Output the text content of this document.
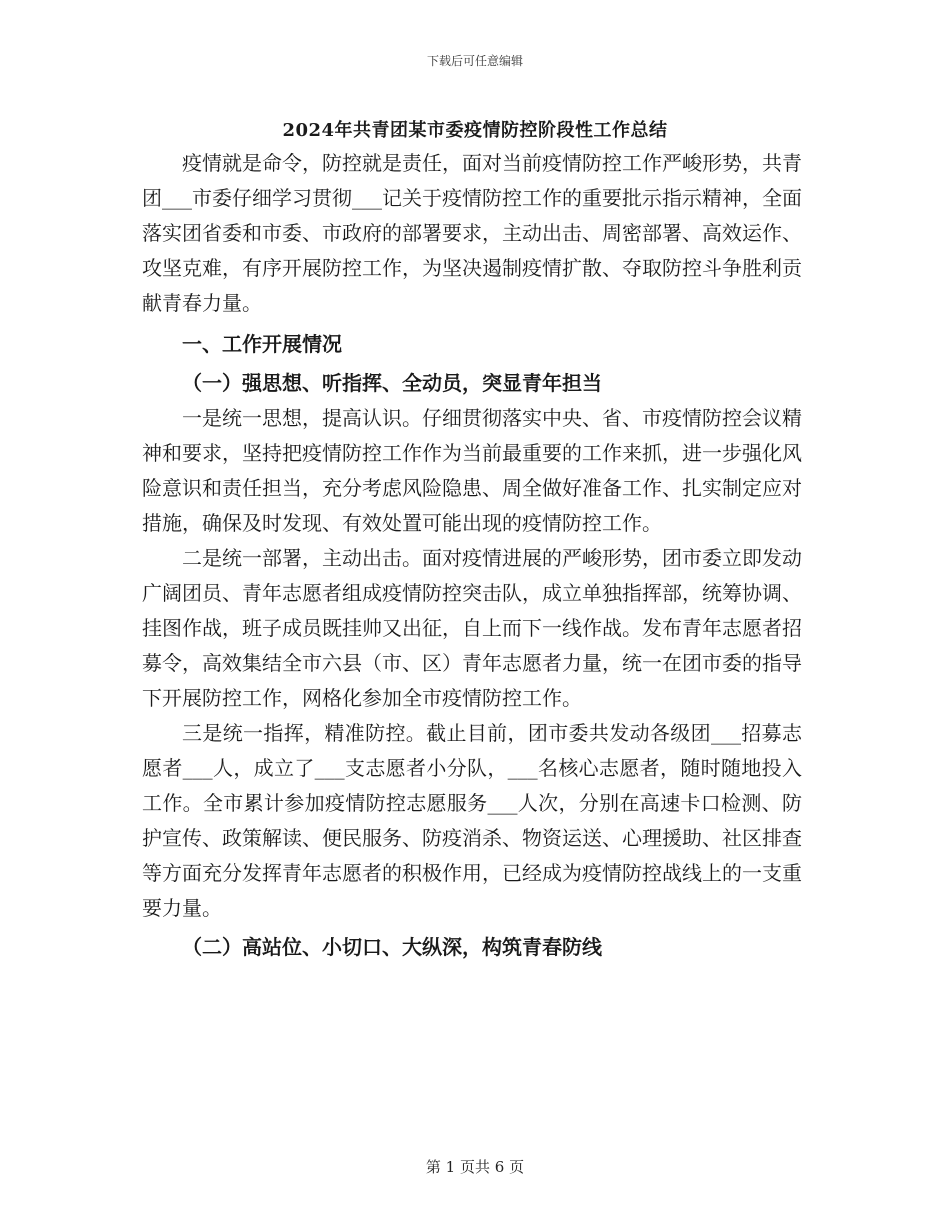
下载后可任意编辑
2024年共青团某市委疫情防控阶段性工作总结

疫情就是命令，防控就是责任，面对当前疫情防控工作严峻形势，共青团___市委仔细学习贯彻___记关于疫情防控工作的重要批示指示精神，全面落实团省委和市委、市政府的部署要求，主动出击、周密部署、高效运作、攻坚克难，有序开展防控工作，为坚决遏制疫情扩散、夺取防控斗争胜利贡献青春力量。

一、工作开展情况

（一）强思想、听指挥、全动员，突显青年担当

一是统一思想，提高认识。仔细贯彻落实中央、省、市疫情防控会议精神和要求，坚持把疫情防控工作作为当前最重要的工作来抓，进一步强化风险意识和责任担当，充分考虑风险隐患、周全做好准备工作、扎实制定应对措施，确保及时发现、有效处置可能出现的疫情防控工作。

二是统一部署，主动出击。面对疫情进展的严峻形势，团市委立即发动广阔团员、青年志愿者组成疫情防控突击队，成立单独指挥部，统筹协调、挂图作战，班子成员既挂帅又出征，自上而下一线作战。发布青年志愿者招募令，高效集结全市六县（市、区）青年志愿者力量，统一在团市委的指导下开展防控工作，网格化参加全市疫情防控工作。

三是统一指挥，精准防控。截止目前，团市委共发动各级团___招募志愿者___人，成立了___支志愿者小分队，___名核心志愿者，随时随地投入工作。全市累计参加疫情防控志愿服务___人次，分别在高速卡口检测、防护宣传、政策解读、便民服务、防疫消杀、物资运送、心理援助、社区排查等方面充分发挥青年志愿者的积极作用，已经成为疫情防控战线上的一支重要力量。

（二）高站位、小切口、大纵深，构筑青春防线

第 1 页共 6 页
